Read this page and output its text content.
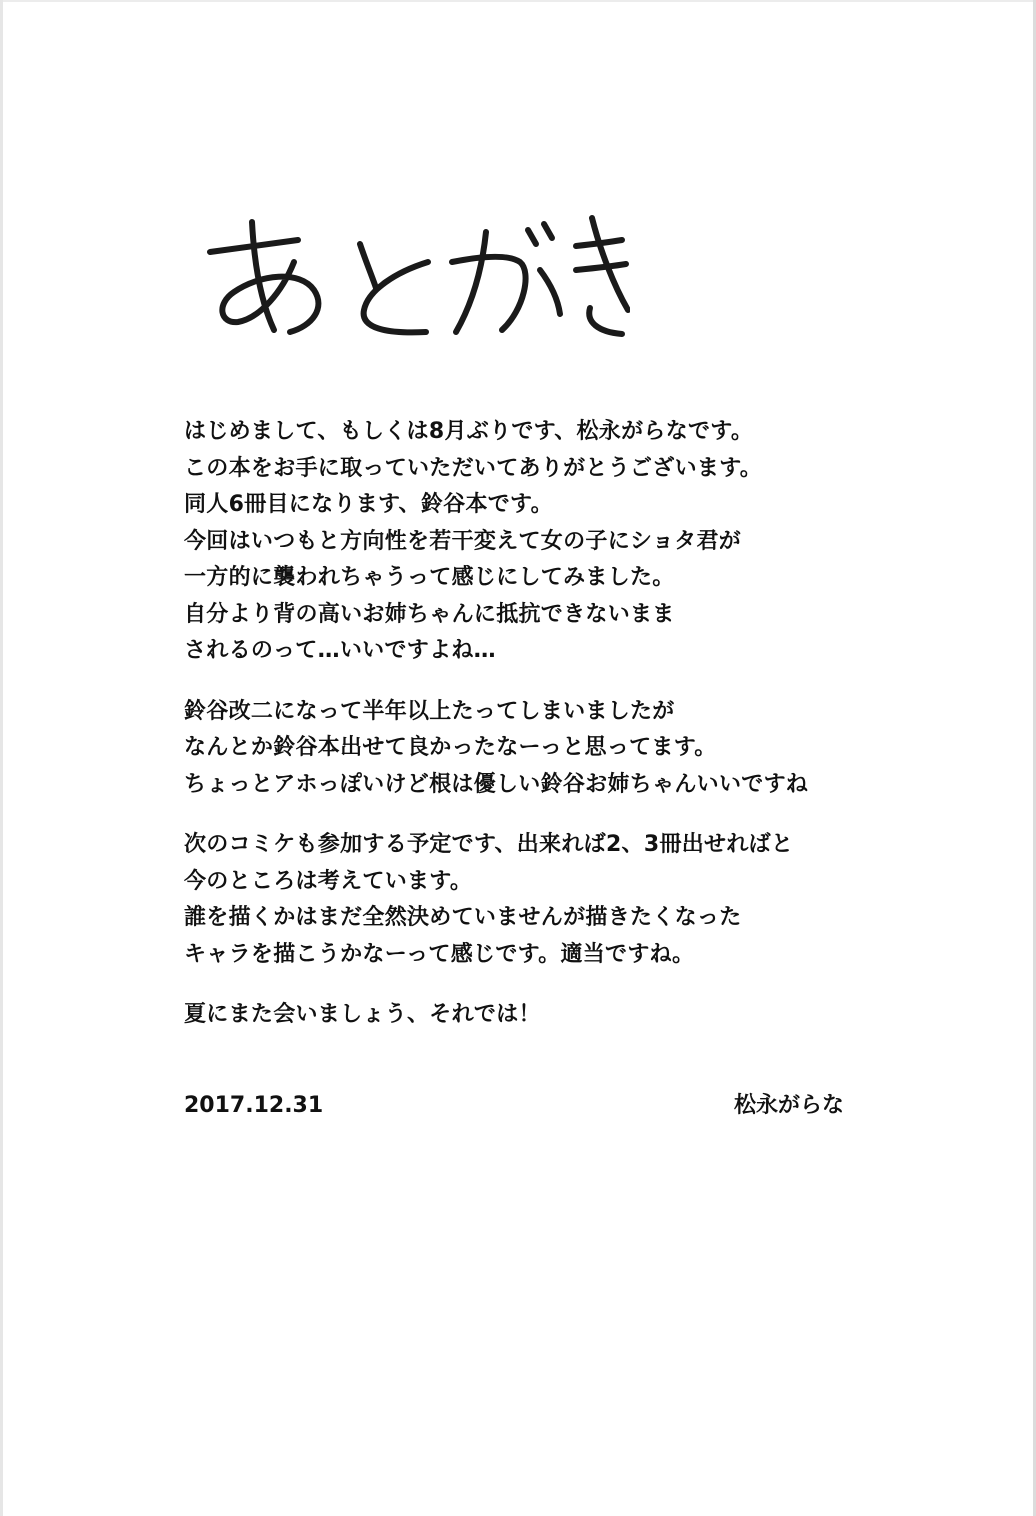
はじめまして、もしくは8月ぶりです、松永がらなです。
この本をお手に取っていただいてありがとうございます。
同人6冊目になります、鈴谷本です。
今回はいつもと方向性を若干変えて女の子にショタ君が
一方的に襲われちゃうって感じにしてみました。
自分より背の高いお姉ちゃんに抵抗できないまま
されるのって…いいですよね…
鈴谷改二になって半年以上たってしまいましたが
なんとか鈴谷本出せて良かったなーっと思ってます。
ちょっとアホっぽいけど根は優しい鈴谷お姉ちゃんいいですね
次のコミケも参加する予定です、出来れば2、3冊出せればと
今のところは考えています。
誰を描くかはまだ全然決めていませんが描きたくなった
キャラを描こうかなーって感じです。適当ですね。
夏にまた会いましょう、それでは！
2017.12.31	松永がらな
